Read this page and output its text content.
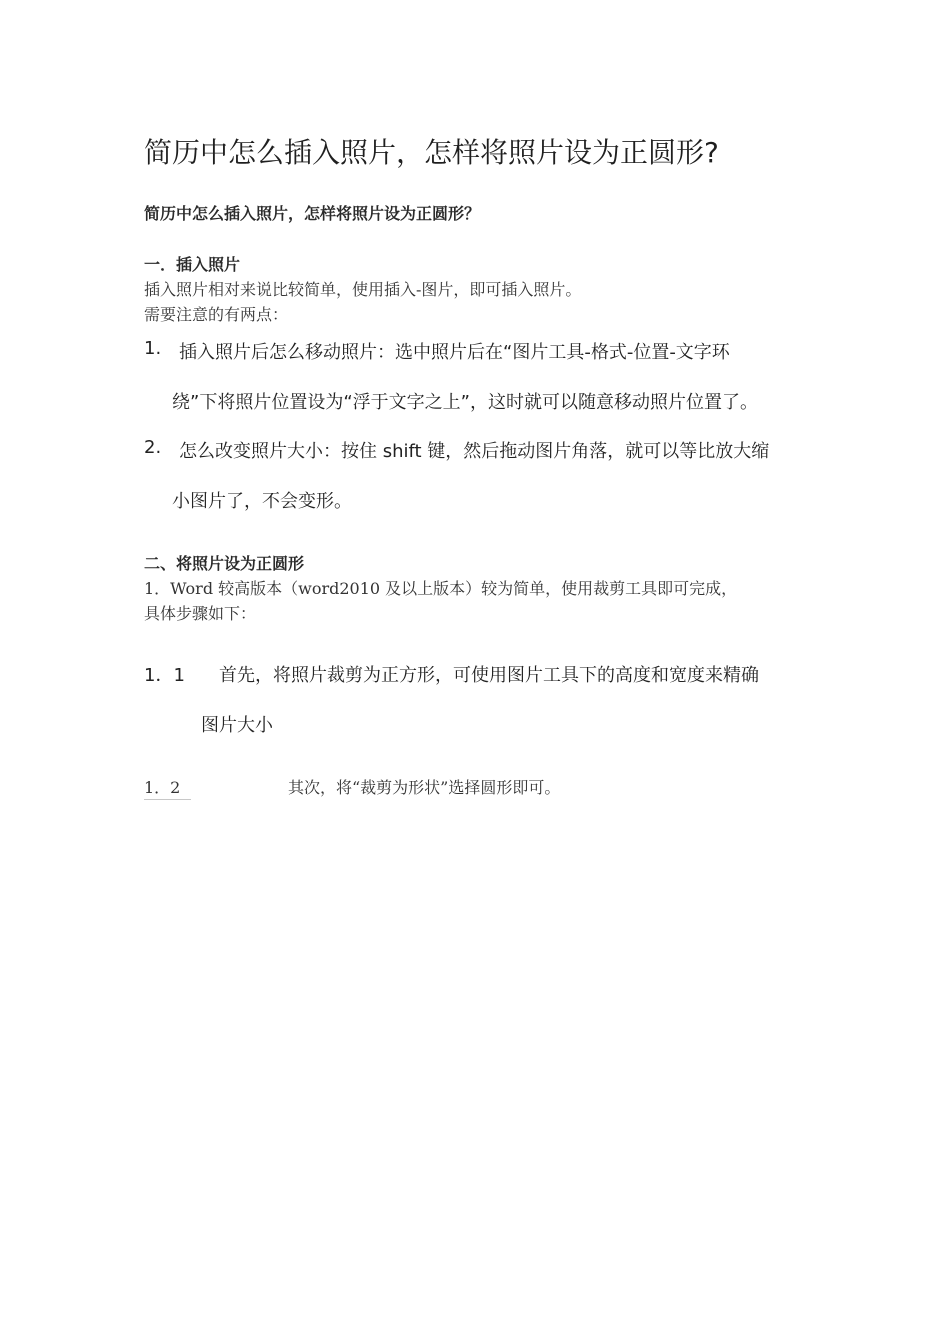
简历中怎么插入照片，怎样将照片设为正圆形?
简历中怎么插入照片，怎样将照片设为正圆形？
一．插入照片
插入照片相对来说比较简单，使用插入-图片，即可插入照片。
需要注意的有两点：
1. 插入照片后怎么移动照片：选中照片后在“图片工具-格式-位置-文字环
绕”下将照片位置设为“浮于文字之上”，这时就可以随意移动照片位置了。
2. 怎么改变照片大小：按住 shift 键，然后拖动图片角落，就可以等比放大缩
小图片了，不会变形。
二、将照片设为正圆形
1．Word 较高版本（word2010 及以上版本）较为简单，使用裁剪工具即可完成，
具体步骤如下：
1．1 首先，将照片裁剪为正方形，可使用图片工具下的高度和宽度来精确
图片大小
1．2	其次，将“裁剪为形状”选择圆形即可。
